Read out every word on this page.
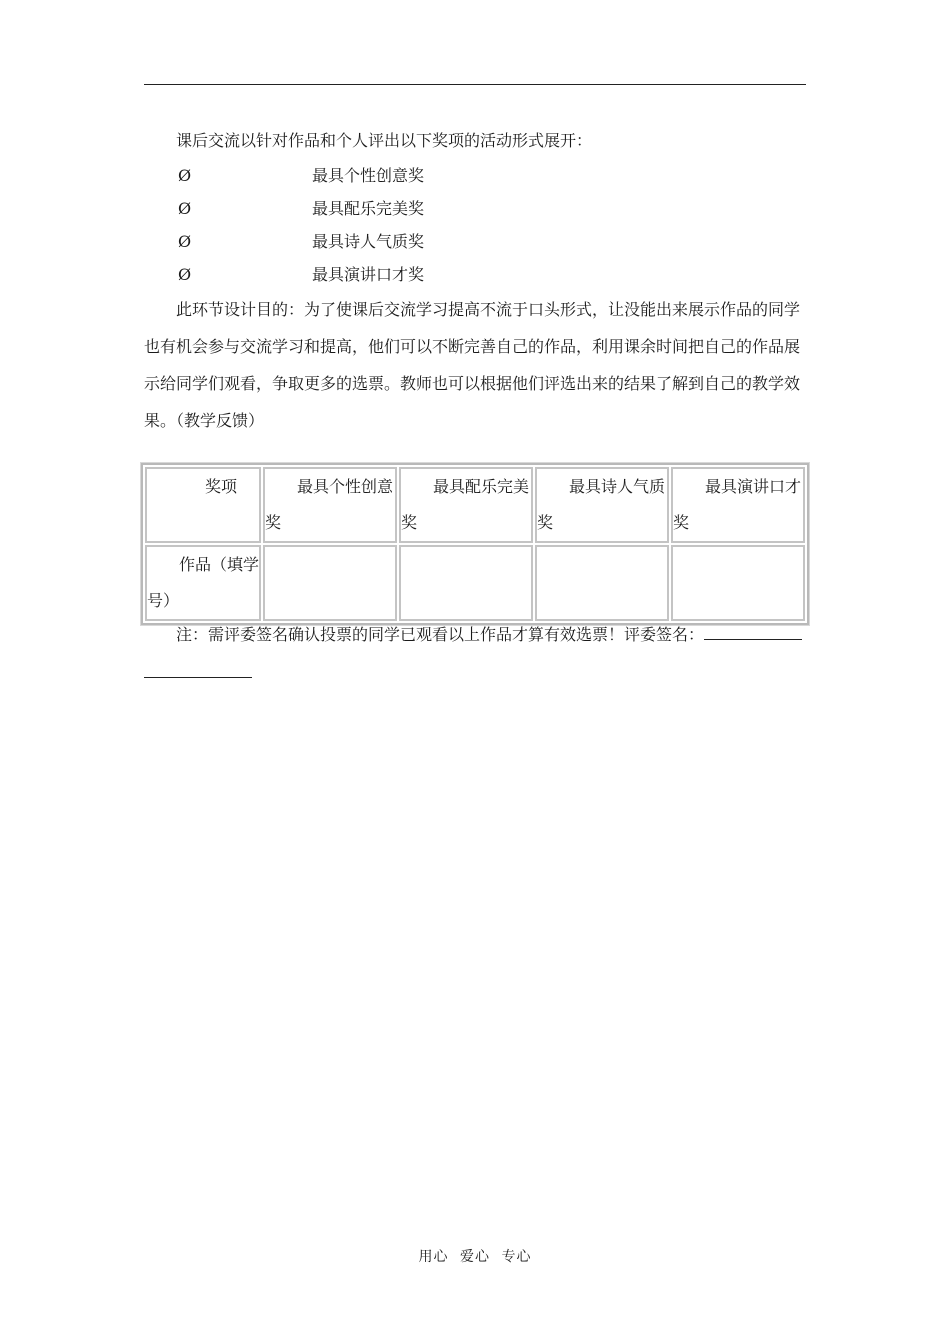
课后交流以针对作品和个人评出以下奖项的活动形式展开：

Ø	最具个性创意奖
Ø	最具配乐完美奖
Ø	最具诗人气质奖
Ø	最具演讲口才奖

此环节设计目的：为了使课后交流学习提高不流于口头形式，让没能出来展示作品的同学也有机会参与交流学习和提高，他们可以不断完善自己的作品，利用课余时间把自己的作品展示给同学们观看，争取更多的选票。教师也可以根据他们评选出来的结果了解到自己的教学效果。（教学反馈）

奖项	最具个性创意奖	最具配乐完美奖	最具诗人气质奖	最具演讲口才奖
作品（填学号）				

注：需评委签名确认投票的同学已观看以上作品才算有效选票！评委签名：

用心 爱心 专心
